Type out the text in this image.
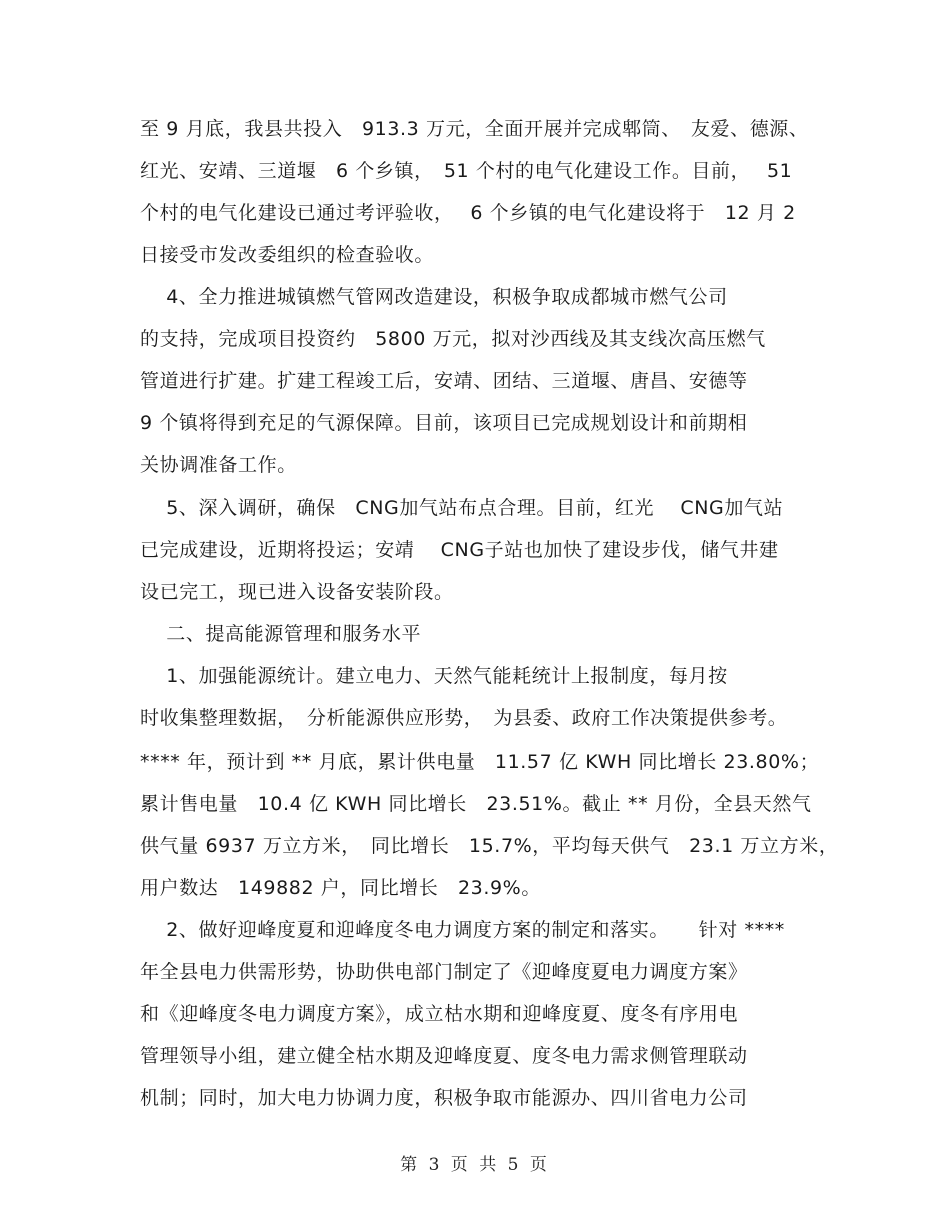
至 9 月底，我县共投入　913.3 万元，全面开展并完成郫筒、　友爱、德源、
红光、安靖、三道堰　6 个乡镇，　51 个村的电气化建设工作。目前，　 51
个村的电气化建设已通过考评验收，　 6 个乡镇的电气化建设将于　12 月 2
日接受市发改委组织的检查验收。
　 4、全力推进城镇燃气管网改造建设，积极争取成都城市燃气公司
的支持，完成项目投资约　5800 万元，拟对沙西线及其支线次高压燃气
管道进行扩建。扩建工程竣工后，安靖、团结、三道堰、唐昌、安德等
9 个镇将得到充足的气源保障。目前，该项目已完成规划设计和前期相
关协调准备工作。
　 5、深入调研，确保　CNG加气站布点合理。目前，红光　 CNG加气站
已完成建设，近期将投运；安靖　 CNG子站也加快了建设步伐，储气井建
设已完工，现已进入设备安装阶段。
　 二、提高能源管理和服务水平
　 1、加强能源统计。建立电力、天然气能耗统计上报制度，每月按
时收集整理数据，　分析能源供应形势，　为县委、政府工作决策提供参考。
**** 年，预计到 ** 月底，累计供电量　11.57 亿 KWH 同比增长 23.80%；
累计售电量　10.4 亿 KWH 同比增长　23.51%。截止 ** 月份，全县天然气
供气量 6937 万立方米，　同比增长　15.7%，平均每天供气　23.1 万立方米，
用户数达　149882 户，同比增长　23.9%。
　 2、做好迎峰度夏和迎峰度冬电力调度方案的制定和落实。　　针对 ****
年全县电力供需形势，协助供电部门制定了《迎峰度夏电力调度方案》
和《迎峰度冬电力调度方案》，成立枯水期和迎峰度夏、度冬有序用电
管理领导小组，建立健全枯水期及迎峰度夏、度冬电力需求侧管理联动
机制；同时，加大电力协调力度，积极争取市能源办、四川省电力公司
第 3 页 共 5 页
